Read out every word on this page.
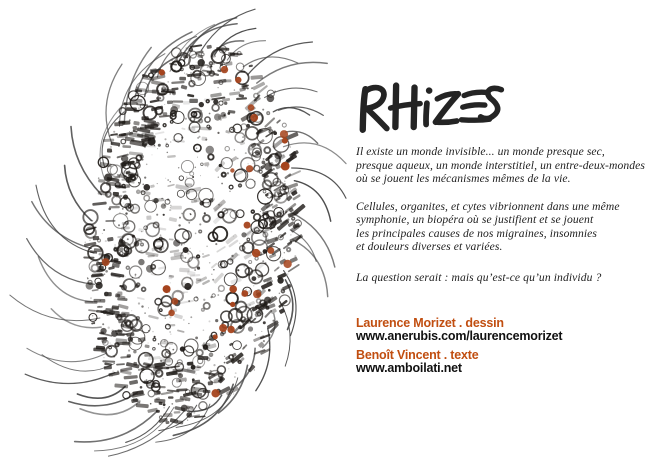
Il existe un monde invisible... un monde presque sec,
presque aqueux, un monde interstitiel, un entre-deux-mondes
où se jouent les mécanismes mêmes de la vie.

Cellules, organites, et cytes vibrionnent dans une même
symphonie, un biopéra où se justifient et se jouent
les principales causes de nos migraines, insomnies
et douleurs diverses et variées.

La question serait : mais qu’est-ce qu’un individu ?

Laurence Morizet . dessin
www.anerubis.com/laurencemorizet
Benoît Vincent . texte
www.amboilati.net
